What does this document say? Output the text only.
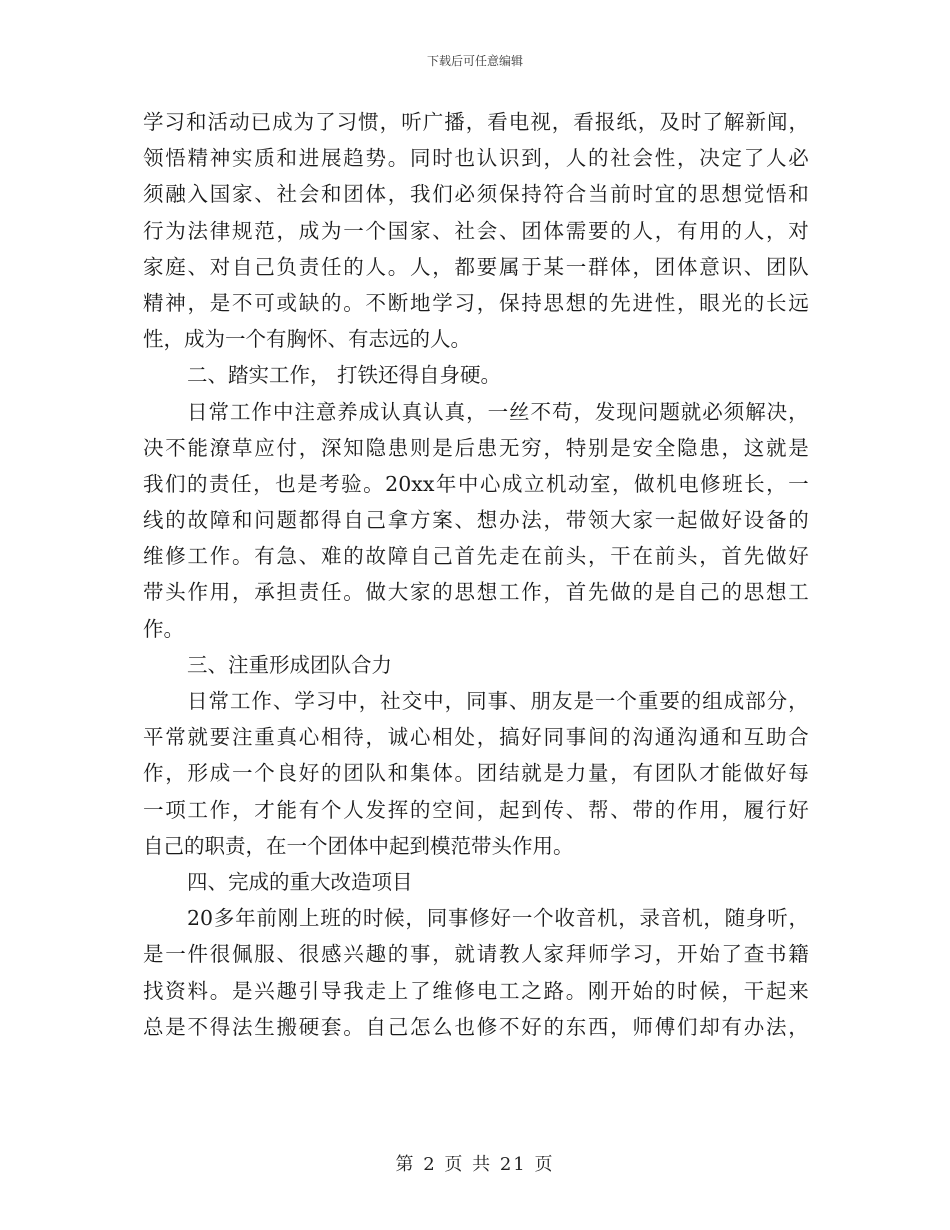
下载后可任意编辑
学 习 和 活 动 已 成 为 了 习 惯 ， 听 广 播 ， 看 电 视 ， 看 报 纸 ， 及 时 了 解 新 闻 ，
领 悟 精 神 实 质 和 进 展 趋 势 。 同 时 也 认 识 到 ， 人 的 社 会 性 ， 决 定 了 人 必
须 融 入 国 家 、 社 会 和 团 体 ， 我 们 必 须 保 持 符 合 当 前 时 宜 的 思 想 觉 悟 和
行 为 法 律 规 范 ， 成 为 一 个 国 家 、 社 会 、 团 体 需 要 的 人 ， 有 用 的 人 ， 对
家 庭 、 对 自 己 负 责 任 的 人 。 人 ， 都 要 属 于 某 一 群 体 ， 团 体 意 识 、 团 队
精 神 ， 是 不 可 或 缺 的 。 不 断 地 学 习 ， 保 持 思 想 的 先 进 性 ， 眼 光 的 长 远
性，成为一个有胸怀、有志远的人。
二、踏实工作， 打铁还得自身硬。
日 常 工 作 中 注 意 养 成 认 真 认 真 ， 一 丝 不 苟 ， 发 现 问 题 就 必 须 解 决 ，
决 不 能 潦 草 应 付 ， 深 知 隐 患 则 是 后 患 无 穷 ， 特 别 是 安 全 隐 患 ， 这 就 是
我 们 的 责 任 ， 也 是 考 验 。 20xx 年 中 心 成 立 机 动 室 ， 做 机 电 修 班 长 ， 一
线 的 故 障 和 问 题 都 得 自 己 拿 方 案 、 想 办 法 ， 带 领 大 家 一 起 做 好 设 备 的
维 修 工 作 。 有 急 、 难 的 故 障 自 己 首 先 走 在 前 头 ， 干 在 前 头 ， 首 先 做 好
带 头 作 用 ， 承 担 责 任 。 做 大 家 的 思 想 工 作 ， 首 先 做 的 是 自 己 的 思 想 工
作。
三、注重形成团队合力
日 常 工 作 、 学 习 中 ， 社 交 中 ， 同 事 、 朋 友 是 一 个 重 要 的 组 成 部 分 ，
平 常 就 要 注 重 真 心 相 待 ， 诚 心 相 处 ， 搞 好 同 事 间 的 沟 通 沟 通 和 互 助 合
作 ， 形 成 一 个 良 好 的 团 队 和 集 体 。 团 结 就 是 力 量 ， 有 团 队 才 能 做 好 每
一 项 工 作 ， 才 能 有 个 人 发 挥 的 空 间 ， 起 到 传 、 帮 、 带 的 作 用 ， 履 行 好
自己的职责，在一个团体中起到模范带头作用。
四、完成的重大改造项目
20 多 年 前 刚 上 班 的 时 候 ， 同 事 修 好 一 个 收 音 机 ， 录 音 机 ， 随 身 听 ，
是 一 件 很 佩 服 、 很 感 兴 趣 的 事 ， 就 请 教 人 家 拜 师 学 习 ， 开 始 了 查 书 籍
找 资 料 。 是 兴 趣 引 导 我 走 上 了 维 修 电 工 之 路 。 刚 开 始 的 时 候 ， 干 起 来
总 是 不 得 法 生 搬 硬 套 。 自 己 怎 么 也 修 不 好 的 东 西 ， 师 傅 们 却 有 办 法 ，
第 2 页 共 21 页
